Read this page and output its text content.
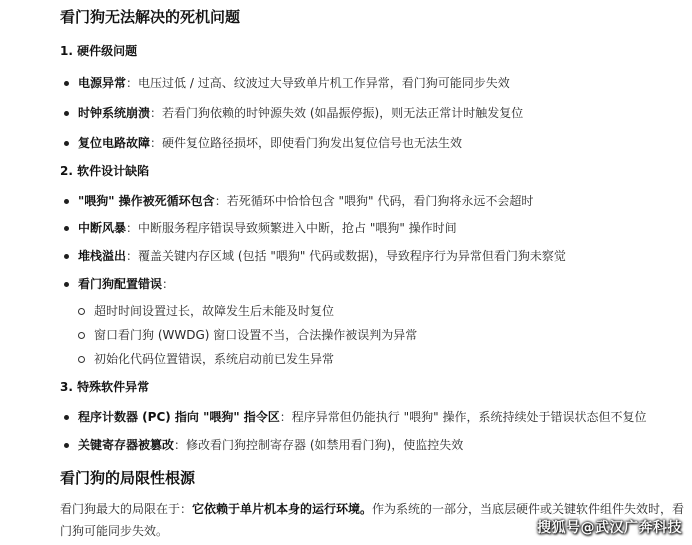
看门狗无法解决的死机问题
1. 硬件级问题
电源异常：电压过低 / 过高、纹波过大导致单片机工作异常，看门狗可能同步失效
时钟系统崩溃：若看门狗依赖的时钟源失效 (如晶振停振)，则无法正常计时触发复位
复位电路故障：硬件复位路径损坏，即使看门狗发出复位信号也无法生效
2. 软件设计缺陷
"喂狗" 操作被死循环包含：若死循环中恰恰包含 "喂狗" 代码，看门狗将永远不会超时
中断风暴：中断服务程序错误导致频繁进入中断，抢占 "喂狗" 操作时间
堆栈溢出：覆盖关键内存区域 (包括 "喂狗" 代码或数据)，导致程序行为异常但看门狗未察觉
看门狗配置错误：
超时时间设置过长，故障发生后未能及时复位
窗口看门狗 (WWDG) 窗口设置不当，合法操作被误判为异常
初始化代码位置错误，系统启动前已发生异常
3. 特殊软件异常
程序计数器 (PC) 指向 "喂狗" 指令区：程序异常但仍能执行 "喂狗" 操作，系统持续处于错误状态但不复位
关键寄存器被篡改：修改看门狗控制寄存器 (如禁用看门狗)，使监控失效
看门狗的局限性根源
看门狗最大的局限在于：它依赖于单片机本身的运行环境。作为系统的一部分，当底层硬件或关键软件组件失效时，看门狗可能同步失效。	搜狐号@武汉广奔科技
